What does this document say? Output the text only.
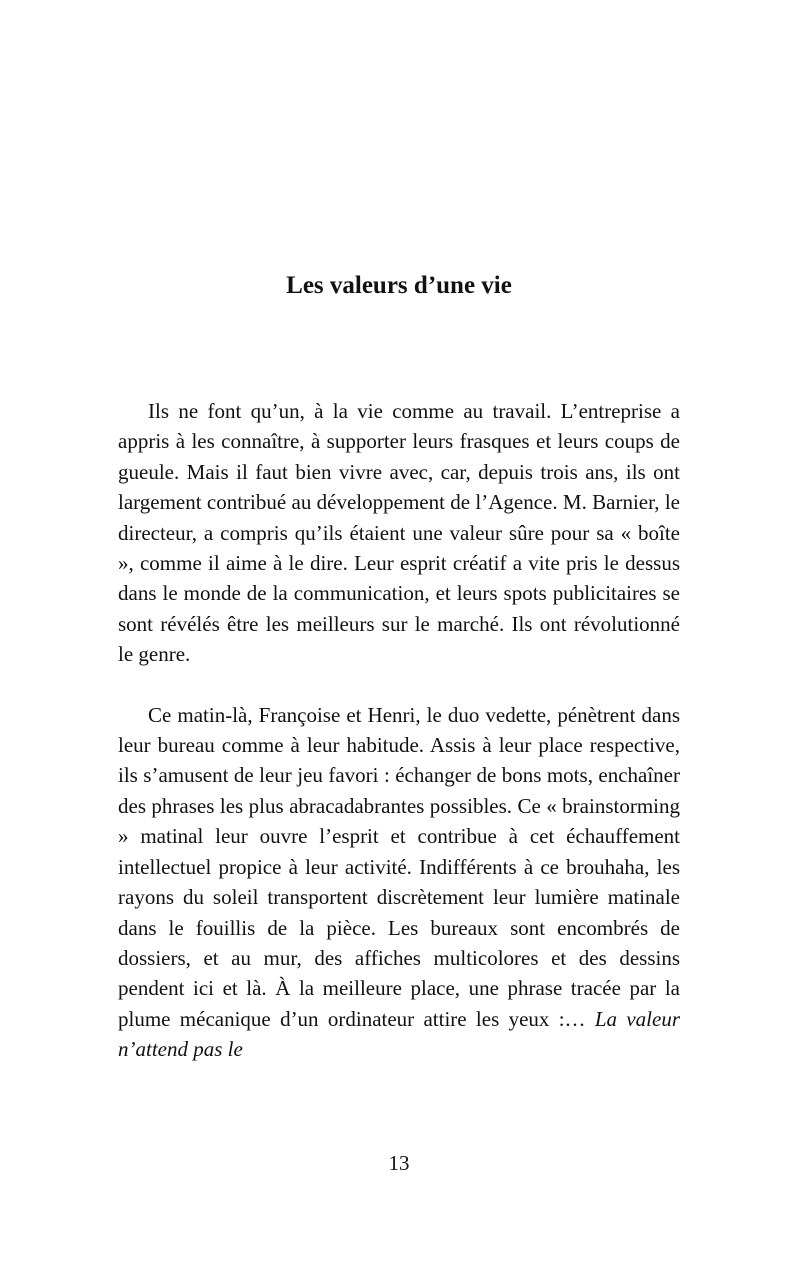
Les valeurs d’une vie

Ils ne font qu’un, à la vie comme au travail. L’entreprise a appris à les connaître, à supporter leurs frasques et leurs coups de gueule. Mais il faut bien vivre avec, car, depuis trois ans, ils ont largement contribué au développement de l’Agence. M. Barnier, le directeur, a compris qu’ils étaient une valeur sûre pour sa « boîte », comme il aime à le dire. Leur esprit créatif a vite pris le dessus dans le monde de la communication, et leurs spots publicitaires se sont révélés être les meilleurs sur le marché. Ils ont révolutionné le genre.

Ce matin-là, Françoise et Henri, le duo vedette, pénètrent dans leur bureau comme à leur habitude. Assis à leur place respective, ils s’amusent de leur jeu favori : échanger de bons mots, enchaîner des phrases les plus abracadabrantes possibles. Ce « brainstorming » matinal leur ouvre l’esprit et contribue à cet échauffement intellectuel propice à leur activité. Indifférents à ce brouhaha, les rayons du soleil transportent discrètement leur lumière matinale dans le fouillis de la pièce. Les bureaux sont encombrés de dossiers, et au mur, des affiches multicolores et des dessins pendent ici et là. À la meilleure place, une phrase tracée par la plume mécanique d’un ordinateur attire les yeux :… La valeur n’attend pas le

13
